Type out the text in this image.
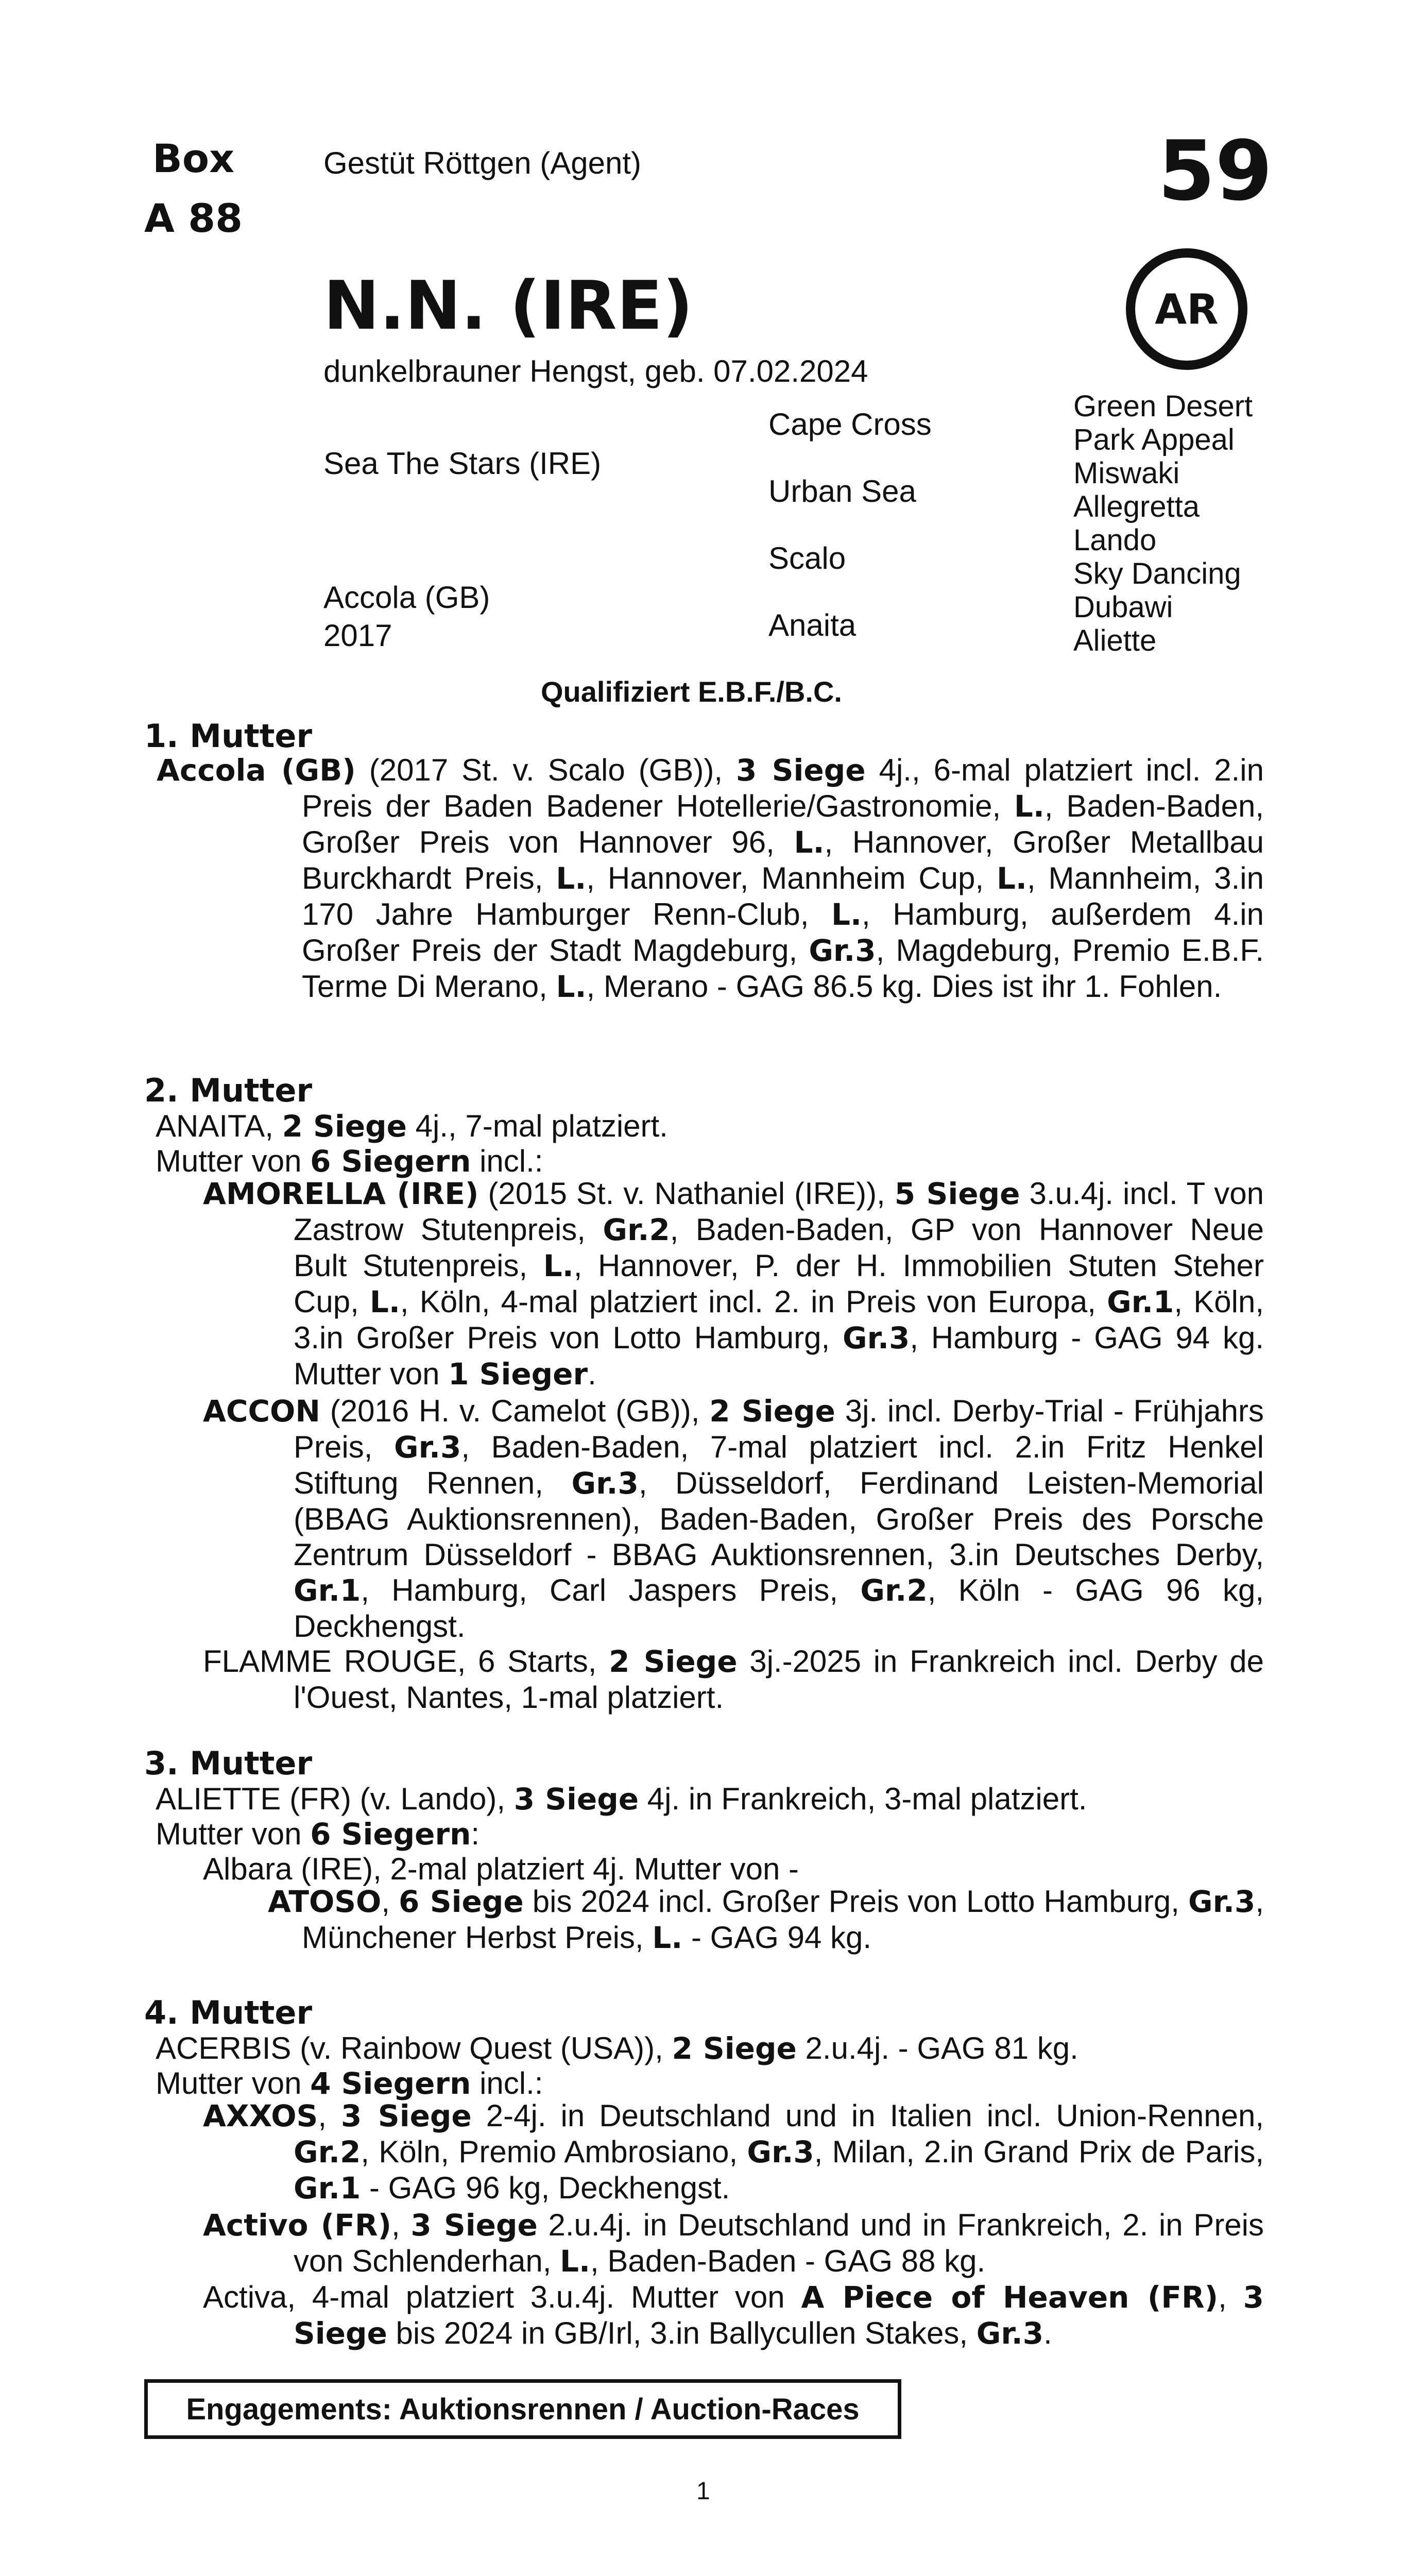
Box
A 88
Gestüt Röttgen (Agent)	59
AR
N.N. (IRE)
dunkelbrauner Hengst, geb. 07.02.2024
Sea The Stars (IRE)
Accola (GB)
2017
Cape Cross
Urban Sea
Scalo
Anaita
Green Desert
Park Appeal
Miswaki
Allegretta
Lando
Sky Dancing
Dubawi
Aliette
Qualifiziert E.B.F./B.C.
1. Mutter
Accola (GB) (2017 St. v. Scalo (GB)), 3 Siege 4j., 6-mal platziert incl. 2.in Preis der Baden Badener Hotellerie/Gastronomie, L., Baden-Baden, Großer Preis von Hannover 96, L., Hannover, Großer Metallbau Burckhardt Preis, L., Hannover, Mannheim Cup, L., Mannheim, 3.in 170 Jahre Hamburger Renn-Club, L., Hamburg, außerdem 4.in Großer Preis der Stadt Magdeburg, Gr.3, Magdeburg, Premio E.B.F. Terme Di Merano, L., Merano - GAG 86.5 kg. Dies ist ihr 1. Fohlen.
2. Mutter
ANAITA, 2 Siege 4j., 7-mal platziert.
Mutter von 6 Siegern incl.:
AMORELLA (IRE) (2015 St. v. Nathaniel (IRE)), 5 Siege 3.u.4j. incl. T von Zastrow Stutenpreis, Gr.2, Baden-Baden, GP von Hannover Neue Bult Stutenpreis, L., Hannover, P. der H. Immobilien Stuten Steher Cup, L., Köln, 4-mal platziert incl. 2. in Preis von Europa, Gr.1, Köln, 3.in Großer Preis von Lotto Hamburg, Gr.3, Hamburg - GAG 94 kg. Mutter von 1 Sieger.
ACCON (2016 H. v. Camelot (GB)), 2 Siege 3j. incl. Derby-Trial - Frühjahrs Preis, Gr.3, Baden-Baden, 7-mal platziert incl. 2.in Fritz Henkel Stiftung Rennen, Gr.3, Düsseldorf, Ferdinand Leisten-Memorial (BBAG Auktionsrennen), Baden-Baden, Großer Preis des Porsche Zentrum Düsseldorf - BBAG Auktionsrennen, 3.in Deutsches Derby, Gr.1, Hamburg, Carl Jaspers Preis, Gr.2, Köln - GAG 96 kg, Deckhengst.
FLAMME ROUGE, 6 Starts, 2 Siege 3j.-2025 in Frankreich incl. Derby de l'Ouest, Nantes, 1-mal platziert.
3. Mutter
ALIETTE (FR) (v. Lando), 3 Siege 4j. in Frankreich, 3-mal platziert.
Mutter von 6 Siegern:
Albara (IRE), 2-mal platziert 4j. Mutter von -
ATOSO, 6 Siege bis 2024 incl. Großer Preis von Lotto Hamburg, Gr.3, Münchener Herbst Preis, L. - GAG 94 kg.
4. Mutter
ACERBIS (v. Rainbow Quest (USA)), 2 Siege 2.u.4j. - GAG 81 kg.
Mutter von 4 Siegern incl.:
AXXOS, 3 Siege 2-4j. in Deutschland und in Italien incl. Union-Rennen, Gr.2, Köln, Premio Ambrosiano, Gr.3, Milan, 2.in Grand Prix de Paris, Gr.1 - GAG 96 kg, Deckhengst.
Activo (FR), 3 Siege 2.u.4j. in Deutschland und in Frankreich, 2. in Preis von Schlenderhan, L., Baden-Baden - GAG 88 kg.
Activa, 4-mal platziert 3.u.4j. Mutter von A Piece of Heaven (FR), 3 Siege bis 2024 in GB/Irl, 3.in Ballycullen Stakes, Gr.3.
Engagements: Auktionsrennen / Auction-Races
1
